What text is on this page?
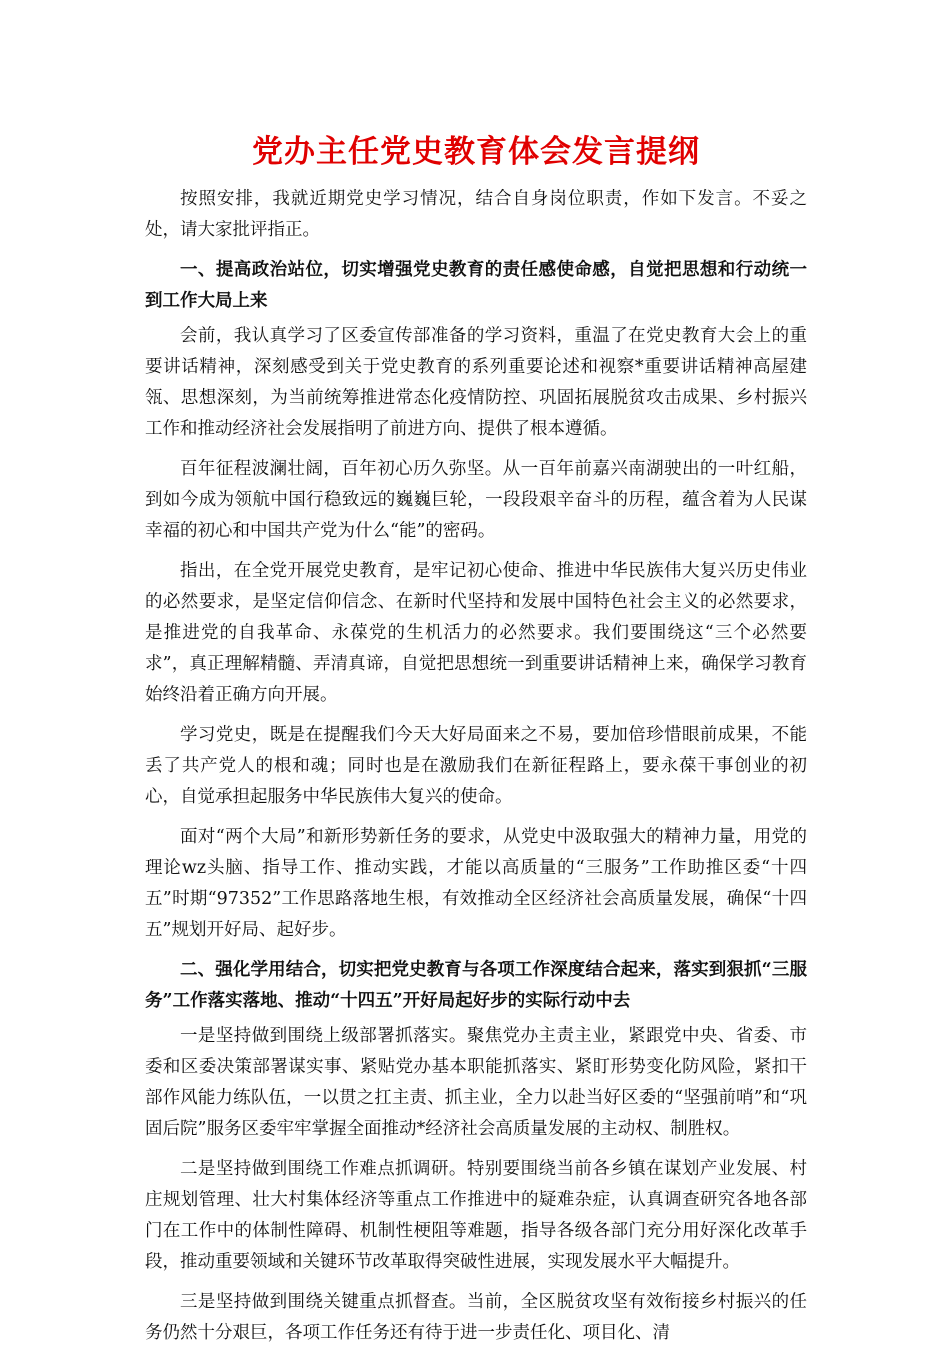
党办主任党史教育体会发言提纲

按照安排，我就近期党史学习情况，结合自身岗位职责，作如下发言。不妥之处，请大家批评指正。

一、提高政治站位，切实增强党史教育的责任感使命感，自觉把思想和行动统一到工作大局上来

会前，我认真学习了区委宣传部准备的学习资料，重温了在党史教育大会上的重要讲话精神，深刻感受到关于党史教育的系列重要论述和视察*重要讲话精神高屋建瓴、思想深刻，为当前统筹推进常态化疫情防控、巩固拓展脱贫攻击成果、乡村振兴工作和推动经济社会发展指明了前进方向、提供了根本遵循。

百年征程波澜壮阔，百年初心历久弥坚。从一百年前嘉兴南湖驶出的一叶红船，到如今成为领航中国行稳致远的巍巍巨轮，一段段艰辛奋斗的历程，蕴含着为人民谋幸福的初心和中国共产党为什么“能”的密码。

指出，在全党开展党史教育，是牢记初心使命、推进中华民族伟大复兴历史伟业的必然要求，是坚定信仰信念、在新时代坚持和发展中国特色社会主义的必然要求，是推进党的自我革命、永葆党的生机活力的必然要求。我们要围绕这“三个必然要求”，真正理解精髓、弄清真谛，自觉把思想统一到重要讲话精神上来，确保学习教育始终沿着正确方向开展。

学习党史，既是在提醒我们今天大好局面来之不易，要加倍珍惜眼前成果，不能丢了共产党人的根和魂；同时也是在激励我们在新征程路上，要永葆干事创业的初心，自觉承担起服务中华民族伟大复兴的使命。

面对“两个大局”和新形势新任务的要求，从党史中汲取强大的精神力量，用党的理论wz头脑、指导工作、推动实践，才能以高质量的“三服务”工作助推区委“十四五”时期“97352”工作思路落地生根，有效推动全区经济社会高质量发展，确保“十四五”规划开好局、起好步。

二、强化学用结合，切实把党史教育与各项工作深度结合起来，落实到狠抓“三服务”工作落实落地、推动“十四五”开好局起好步的实际行动中去

一是坚持做到围绕上级部署抓落实。聚焦党办主责主业，紧跟党中央、省委、市委和区委决策部署谋实事、紧贴党办基本职能抓落实、紧盯形势变化防风险，紧扣干部作风能力练队伍，一以贯之扛主责、抓主业，全力以赴当好区委的“坚强前哨”和“巩固后院”服务区委牢牢掌握全面推动*经济社会高质量发展的主动权、制胜权。

二是坚持做到围绕工作难点抓调研。特别要围绕当前各乡镇在谋划产业发展、村庄规划管理、壮大村集体经济等重点工作推进中的疑难杂症，认真调查研究各地各部门在工作中的体制性障碍、机制性梗阻等难题，指导各级各部门充分用好深化改革手段，推动重要领域和关键环节改革取得突破性进展，实现发展水平大幅提升。

三是坚持做到围绕关键重点抓督查。当前，全区脱贫攻坚有效衔接乡村振兴的任务仍然十分艰巨，各项工作任务还有待于进一步责任化、项目化、清
